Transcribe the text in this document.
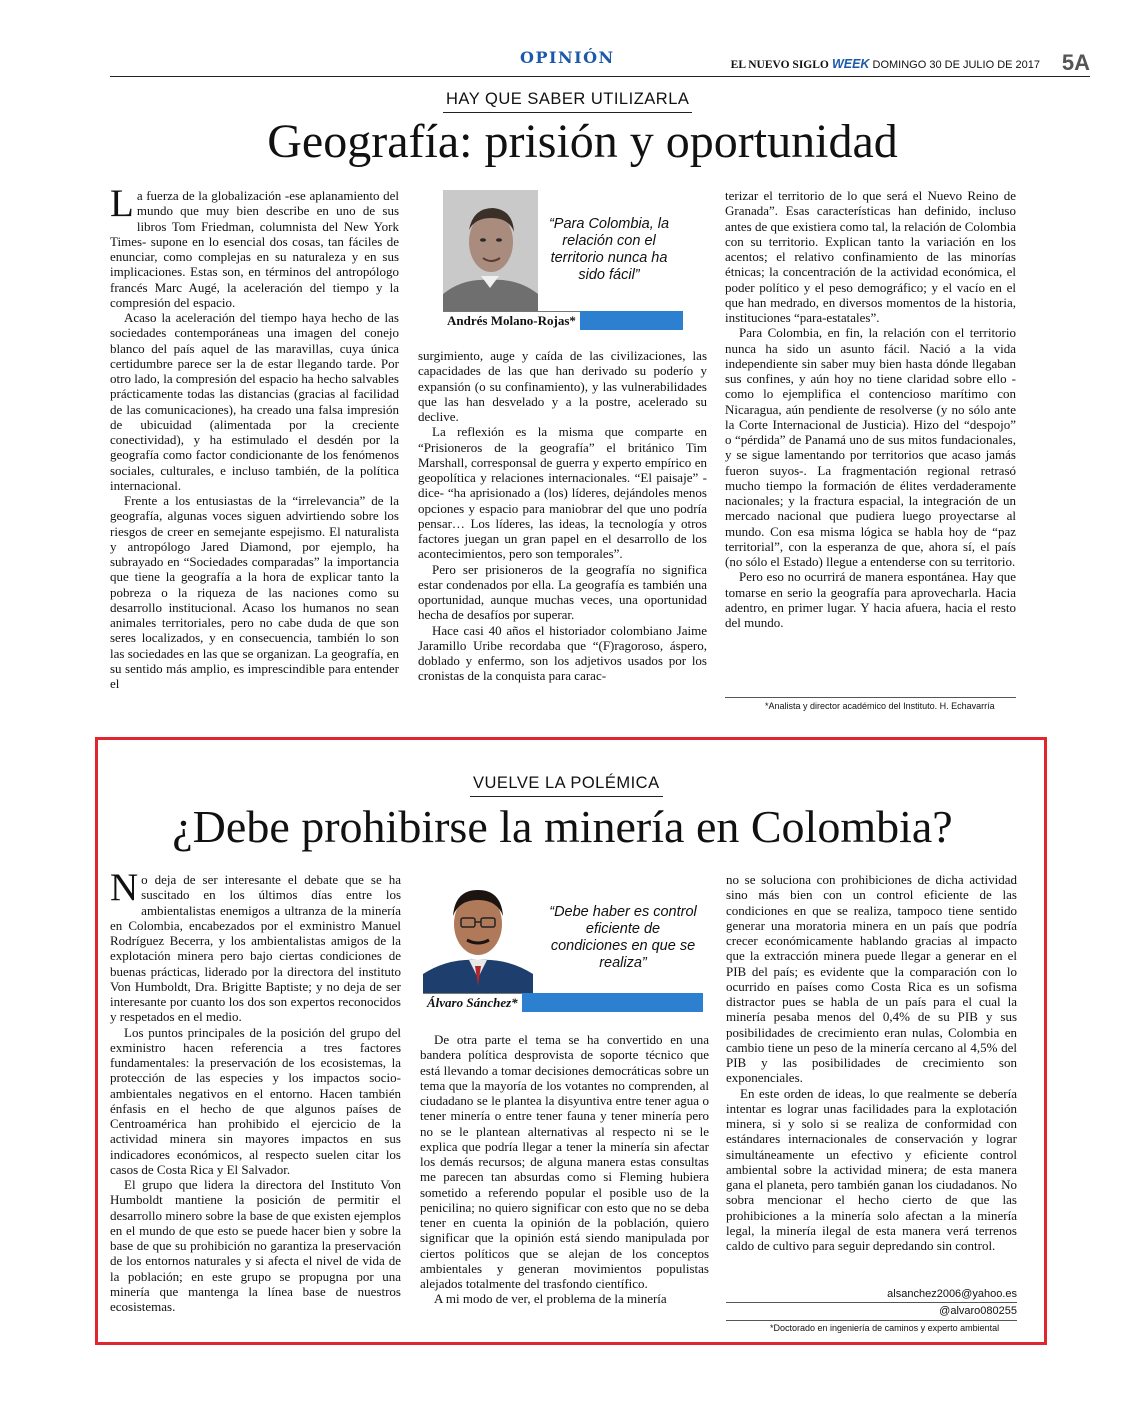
OPINIÓN	EL NUEVO SIGLO WEEK DOMINGO 30 DE JULIO DE 2017 5A
HAY QUE SABER UTILIZARLA
Geografía: prisión y oportunidad

La fuerza de la globalización -ese aplanamiento del mundo que muy bien describe en uno de sus libros Tom Friedman, columnista del New York Times- supone en lo esencial dos cosas, tan fáciles de enunciar, como complejas en su naturaleza y en sus implicaciones. Estas son, en términos del antropólogo francés Marc Augé, la aceleración del tiempo y la compresión del espacio.

Acaso la aceleración del tiempo haya hecho de las sociedades contemporáneas una imagen del conejo blanco del país aquel de las maravillas, cuya única certidumbre parece ser la de estar llegando tarde. Por otro lado, la compresión del espacio ha hecho salvables prácticamente todas las distancias (gracias al facilidad de las comunicaciones), ha creado una falsa impresión de ubicuidad (alimentada por la creciente conectividad), y ha estimulado el desdén por la geografía como factor condicionante de los fenómenos sociales, culturales, e incluso también, de la política internacional.

Frente a los entusiastas de la “irrelevancia” de la geografía, algunas voces siguen advirtiendo sobre los riesgos de creer en semejante espejismo. El naturalista y antropólogo Jared Diamond, por ejemplo, ha subrayado en “Sociedades comparadas” la importancia que tiene la geografía a la hora de explicar tanto la pobreza o la riqueza de las naciones como su desarrollo institucional. Acaso los humanos no sean animales territoriales, pero no cabe duda de que son seres localizados, y en consecuencia, también lo son las sociedades en las que se organizan. La geografía, en su sentido más amplio, es imprescindible para entender el

“Para Colombia, la relación con el territorio nunca ha sido fácil”
Andrés Molano-Rojas*

surgimiento, auge y caída de las civilizaciones, las capacidades de las que han derivado su poderío y expansión (o su confinamiento), y las vulnerabilidades que las han desvelado y a la postre, acelerado su declive.

La reflexión es la misma que comparte en “Prisioneros de la geografía” el británico Tim Marshall, corresponsal de guerra y experto empírico en geopolítica y relaciones internacionales. “El paisaje” -dice- “ha aprisionado a (los) líderes, dejándoles menos opciones y espacio para maniobrar del que uno podría pensar… Los líderes, las ideas, la tecnología y otros factores juegan un gran papel en el desarrollo de los acontecimientos, pero son temporales”.

Pero ser prisioneros de la geografía no significa estar condenados por ella. La geografía es también una oportunidad, aunque muchas veces, una oportunidad hecha de desafíos por superar.

Hace casi 40 años el historiador colombiano Jaime Jaramillo Uribe recordaba que “(F)ragoroso, áspero, doblado y enfermo, son los adjetivos usados por los cronistas de la conquista para carac-

terizar el territorio de lo que será el Nuevo Reino de Granada”. Esas características han definido, incluso antes de que existiera como tal, la relación de Colombia con su territorio. Explican tanto la variación en los acentos; el relativo confinamiento de las minorías étnicas; la concentración de la actividad económica, el poder político y el peso demográfico; y el vacío en el que han medrado, en diversos momentos de la historia, instituciones “para-estatales”.

Para Colombia, en fin, la relación con el territorio nunca ha sido un asunto fácil. Nació a la vida independiente sin saber muy bien hasta dónde llegaban sus confines, y aún hoy no tiene claridad sobre ello -como lo ejemplifica el contencioso marítimo con Nicaragua, aún pendiente de resolverse (y no sólo ante la Corte Internacional de Justicia). Hizo del “despojo” o “pérdida” de Panamá uno de sus mitos fundacionales, y se sigue lamentando por territorios que acaso jamás fueron suyos-. La fragmentación regional retrasó mucho tiempo la formación de élites verdaderamente nacionales; y la fractura espacial, la integración de un mercado nacional que pudiera luego proyectarse al mundo. Con esa misma lógica se habla hoy de “paz territorial”, con la esperanza de que, ahora sí, el país (no sólo el Estado) llegue a entenderse con su territorio.

Pero eso no ocurrirá de manera espontánea. Hay que tomarse en serio la geografía para aprovecharla. Hacia adentro, en primer lugar. Y hacia afuera, hacia el resto del mundo.

*Analista y director académico del Instituto. H. Echavarría
VUELVE LA POLÉMICA
¿Debe prohibirse la minería en Colombia?

No deja de ser interesante el debate que se ha suscitado en los últimos días entre los ambientalistas enemigos a ultranza de la minería en Colombia, encabezados por el exministro Manuel Rodríguez Becerra, y los ambientalistas amigos de la explotación minera pero bajo ciertas condiciones de buenas prácticas, liderado por la directora del instituto Von Humboldt, Dra. Brigitte Baptiste; y no deja de ser interesante por cuanto los dos son expertos reconocidos y respetados en el medio.

Los puntos principales de la posición del grupo del exministro hacen referencia a tres factores fundamentales: la preservación de los ecosistemas, la protección de las especies y los impactos socio-ambientales negativos en el entorno. Hacen también énfasis en el hecho de que algunos países de Centroamérica han prohibido el ejercicio de la actividad minera sin mayores impactos en sus indicadores económicos, al respecto suelen citar los casos de Costa Rica y El Salvador.

El grupo que lidera la directora del Instituto Von Humboldt mantiene la posición de permitir el desarrollo minero sobre la base de que existen ejemplos en el mundo de que esto se puede hacer bien y sobre la base de que su prohibición no garantiza la preservación de los entornos naturales y si afecta el nivel de vida de la población; en este grupo se propugna por una minería que mantenga la línea base de nuestros ecosistemas.

“Debe haber es control eficiente de condiciones en que se realiza”
Álvaro Sánchez*

De otra parte el tema se ha convertido en una bandera política desprovista de soporte técnico que está llevando a tomar decisiones democráticas sobre un tema que la mayoría de los votantes no comprenden, al ciudadano se le plantea la disyuntiva entre tener agua o tener minería o entre tener fauna y tener minería pero no se le plantean alternativas al respecto ni se le explica que podría llegar a tener la minería sin afectar los demás recursos; de alguna manera estas consultas me parecen tan absurdas como si Fleming hubiera sometido a referendo popular el posible uso de la penicilina; no quiero significar con esto que no se deba tener en cuenta la opinión de la población, quiero significar que la opinión está siendo manipulada por ciertos políticos que se alejan de los conceptos ambientales y generan movimientos populistas alejados totalmente del trasfondo científico.

A mi modo de ver, el problema de la minería

no se soluciona con prohibiciones de dicha actividad sino más bien con un control eficiente de las condiciones en que se realiza, tampoco tiene sentido generar una moratoria minera en un país que podría crecer económicamente hablando gracias al impacto que la extracción minera puede llegar a generar en el PIB del país; es evidente que la comparación con lo ocurrido en países como Costa Rica es un sofisma distractor pues se habla de un país para el cual la minería pesaba menos del 0,4% de su PIB y sus posibilidades de crecimiento eran nulas, Colombia en cambio tiene un peso de la minería cercano al 4,5% del PIB y las posibilidades de crecimiento son exponenciales.

En este orden de ideas, lo que realmente se debería intentar es lograr unas facilidades para la explotación minera, si y solo si se realiza de conformidad con estándares internacionales de conservación y lograr simultáneamente un efectivo y eficiente control ambiental sobre la actividad minera; de esta manera gana el planeta, pero también ganan los ciudadanos. No sobra mencionar el hecho cierto de que las prohibiciones a la minería solo afectan a la minería legal, la minería ilegal de esta manera verá terrenos caldo de cultivo para seguir depredando sin control.

alsanchez2006@yahoo.es
@alvaro080255
*Doctorado en ingeniería de caminos y experto ambiental
